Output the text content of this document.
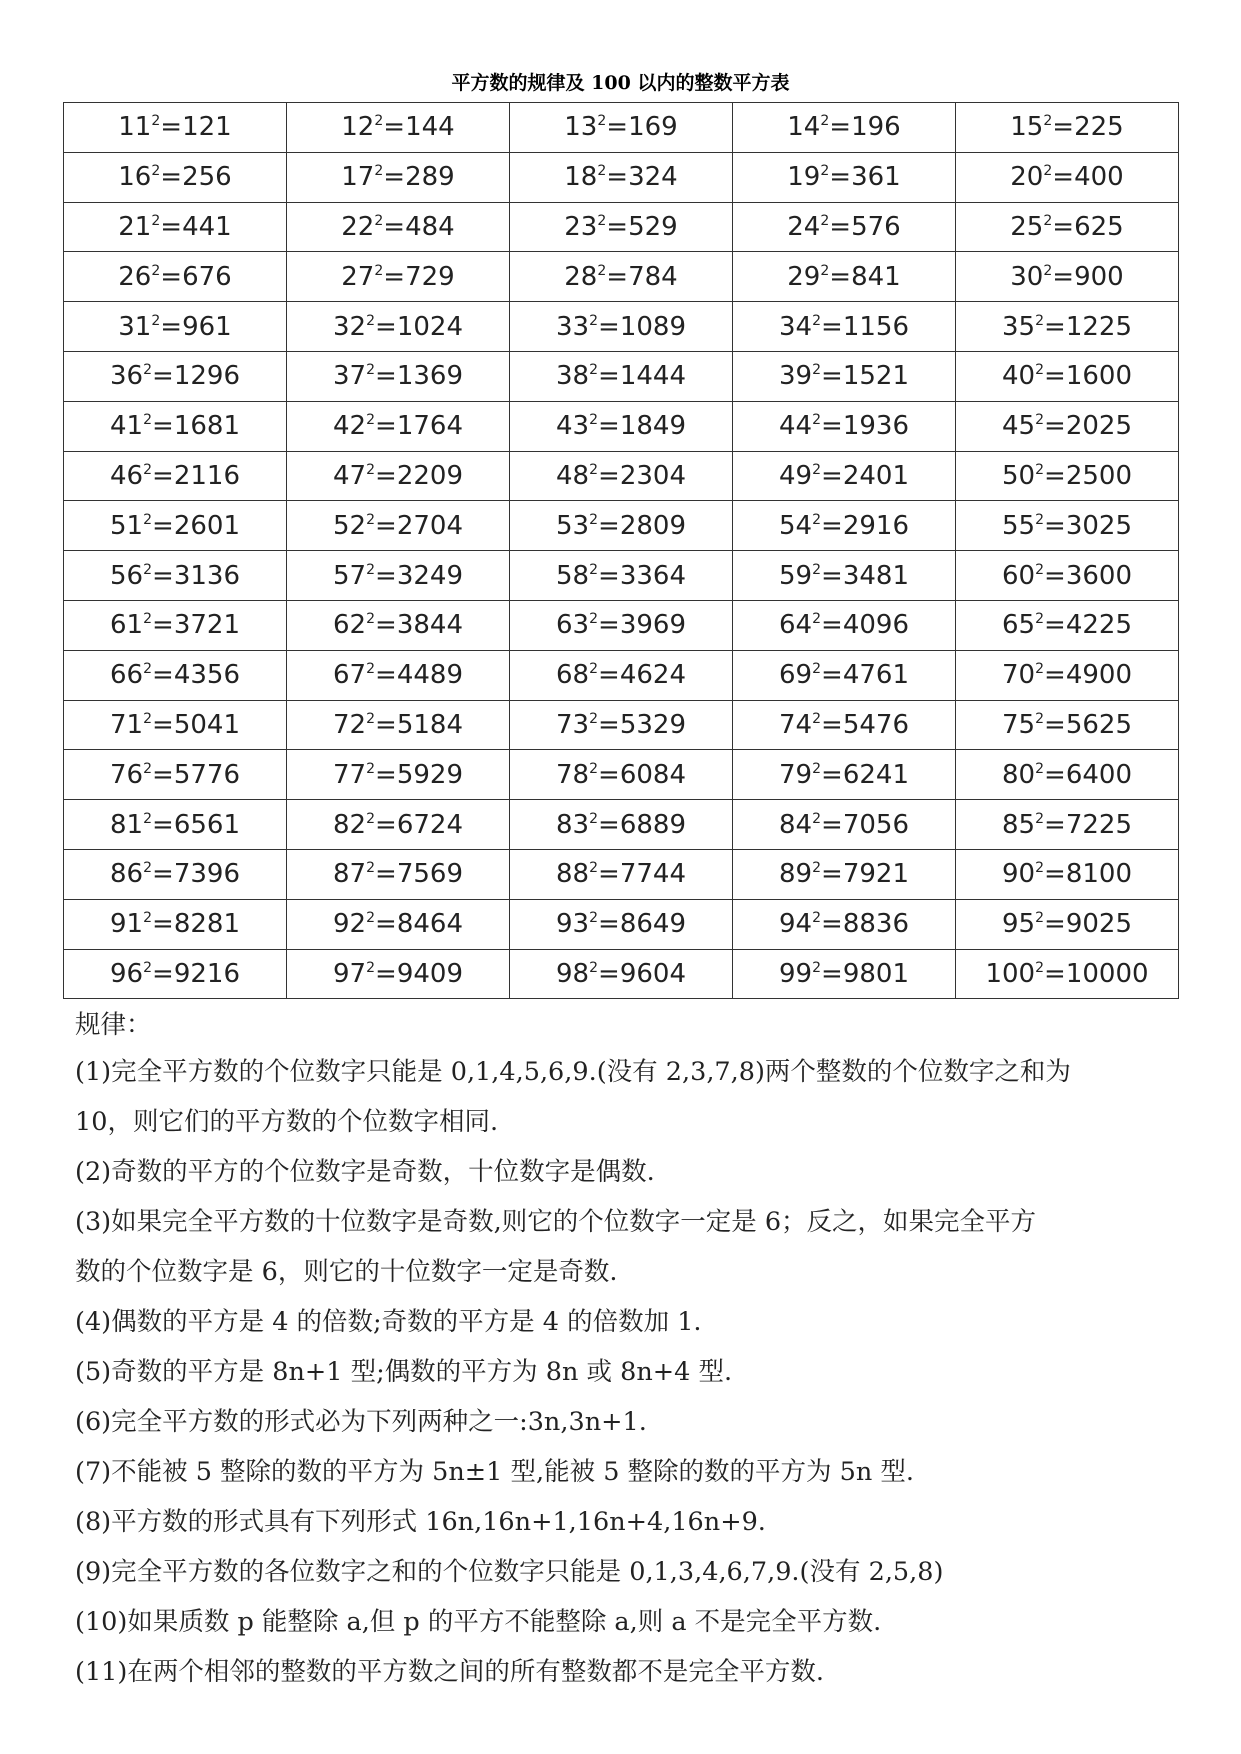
平方数的规律及 100 以内的整数平方表
$11^2=121$	$12^2=144$	$13^2=169$	$14^2=196$	$15^2=225$
$16^2=256$	$17^2=289$	$18^2=324$	$19^2=361$	$20^2=400$
$21^2=441$	$22^2=484$	$23^2=529$	$24^2=576$	$25^2=625$
$26^2=676$	$27^2=729$	$28^2=784$	$29^2=841$	$30^2=900$
$31^2=961$	$32^2=1024$	$33^2=1089$	$34^2=1156$	$35^2=1225$
$36^2=1296$	$37^2=1369$	$38^2=1444$	$39^2=1521$	$40^2=1600$
$41^2=1681$	$42^2=1764$	$43^2=1849$	$44^2=1936$	$45^2=2025$
$46^2=2116$	$47^2=2209$	$48^2=2304$	$49^2=2401$	$50^2=2500$
$51^2=2601$	$52^2=2704$	$53^2=2809$	$54^2=2916$	$55^2=3025$
$56^2=3136$	$57^2=3249$	$58^2=3364$	$59^2=3481$	$60^2=3600$
$61^2=3721$	$62^2=3844$	$63^2=3969$	$64^2=4096$	$65^2=4225$
$66^2=4356$	$67^2=4489$	$68^2=4624$	$69^2=4761$	$70^2=4900$
$71^2=5041$	$72^2=5184$	$73^2=5329$	$74^2=5476$	$75^2=5625$
$76^2=5776$	$77^2=5929$	$78^2=6084$	$79^2=6241$	$80^2=6400$
$81^2=6561$	$82^2=6724$	$83^2=6889$	$84^2=7056$	$85^2=7225$
$86^2=7396$	$87^2=7569$	$88^2=7744$	$89^2=7921$	$90^2=8100$
$91^2=8281$	$92^2=8464$	$93^2=8649$	$94^2=8836$	$95^2=9025$
$96^2=9216$	$97^2=9409$	$98^2=9604$	$99^2=9801$	$100^2=10000$

规律：

(1)完全平方数的个位数字只能是 0,1,4,5,6,9.(没有 2,3,7,8)两个整数的个位数字之和为

10，则它们的平方数的个位数字相同.

(2)奇数的平方的个位数字是奇数，十位数字是偶数.

(3)如果完全平方数的十位数字是奇数,则它的个位数字一定是 6；反之，如果完全平方

数的个位数字是 6，则它的十位数字一定是奇数.

(4)偶数的平方是 4 的倍数;奇数的平方是 4 的倍数加 1.

(5)奇数的平方是 8n+1 型;偶数的平方为 8n 或 8n+4 型.

(6)完全平方数的形式必为下列两种之一:3n,3n+1.

(7)不能被 5 整除的数的平方为 5n±1 型,能被 5 整除的数的平方为 5n 型.

(8)平方数的形式具有下列形式 16n,16n+1,16n+4,16n+9.

(9)完全平方数的各位数字之和的个位数字只能是 0,1,3,4,6,7,9.(没有 2,5,8)

(10)如果质数 p 能整除 a,但 p 的平方不能整除 a,则 a 不是完全平方数.

(11)在两个相邻的整数的平方数之间的所有整数都不是完全平方数.
